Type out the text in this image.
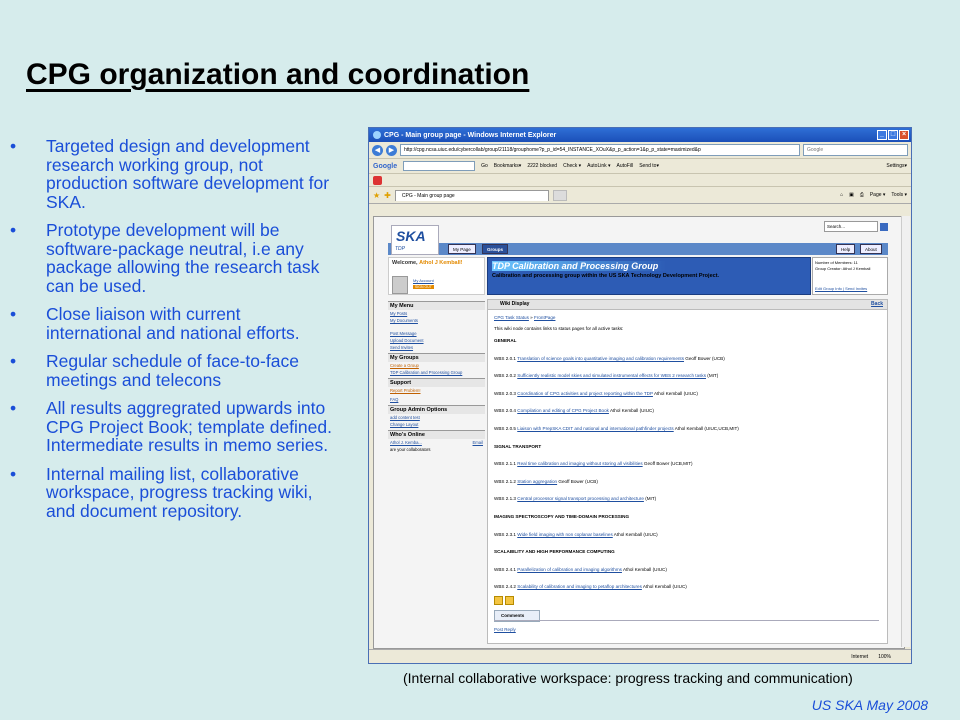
CPG organization and coordination
• Targeted design and development research working group, not production software development for SKA.
• Prototype development will be software-package neutral, i.e any package allowing the research task can be used.
• Close liaison with current international and national efforts.
• Regular schedule of face-to-face meetings and telecons
• All results aggregrated upwards into CPG Project Book; template defined. Intermediate results in memo series.
• Internal mailing list, collaborative workspace, progress tracking wiki, and document repository.
CPG - Main group page - Windows Internet Explorer	_ □ ×
◀	▶	http://cpg.ncsa.uiuc.edu/cybercollab/group/21118/grouphome?p_p_id=54_INSTANCE_XOuX&p_p_action=1&p_p_state=maximized&p	Google
Google	Go Bookmarks▾ 2222 blocked Check ▾ AutoLink ▾ AutoFill Send to▾	Settings▾
★ ✚	CPG - Main group page	⌂ ▣ ⎙ Page ▾ Tools ▾
Search...
My Page	Groups	Help	About
SKA
TDP
Welcome, Athol J Kemball!
My Account
SIGN OUT
TDP Calibration and Processing Group
Calibration and processing group within the US SKA Technology Development Project.
Number of Members: 11
Group Creator: Athol J Kemball
Edit Group Info | Send Invites
My Menu
My Posts
My Documents
Post Message
Upload Document
Send Invites
My Groups
Create a Group
TDP Calibration and Processing Group
Support
Report Problem!
FAQ
Group Admin Options
add content test
Change Layout
Who's Online
Athol J. Kemba...	Email
are your collaborators
Wiki Display	Back
CPG Task Status » FrontPage
This wiki node contains links to status pages for all active tasks:
GENERAL
WBS 2.0.1 Translation of science goals into quantitative imaging and calibration requirements Geoff Bower (UCB)
WBS 2.0.2 Sufficiently realistic model skies and simulated instrumental effects for WBS 2 research tasks (MIT)
WBS 2.0.3 Coordination of CPG activities and project reporting within the TDP Athol Kemball (UIUC)
WBS 2.0.4 Compilation and editing of CPG Project Book Athol Kemball (UIUC)
WBS 2.0.5 Liaison with PrepSKA CDIT and national and international pathfinder projects Athol Kemball (UIUC,UCB,MIT)
SIGNAL TRANSPORT
WBS 2.1.1 Real time calibration and imaging without storing all visibilities Geoff Bower (UCB,MIT)
WBS 2.1.2 Station aggregation Geoff Bower (UCB)
WBS 2.1.3 Central processor signal transport processing and architecture (MIT)
IMAGING SPECTROSCOPY AND TIME-DOMAIN PROCESSING
WBS 2.3.1 Wide field imaging with non coplanar baselines Athol Kemball (UIUC)
SCALABILITY AND HIGH PERFORMANCE COMPUTING
WBS 2.4.1 Parallelization of calibration and imaging algorithms Athol Kemball (UIUC)
WBS 2.4.2 Scalability of calibration and imaging to petaflop architectures Athol Kemball (UIUC)
Comments
Post Reply
Internet 100%
(Internal collaborative workspace: progress tracking and communication)
US SKA May 2008
